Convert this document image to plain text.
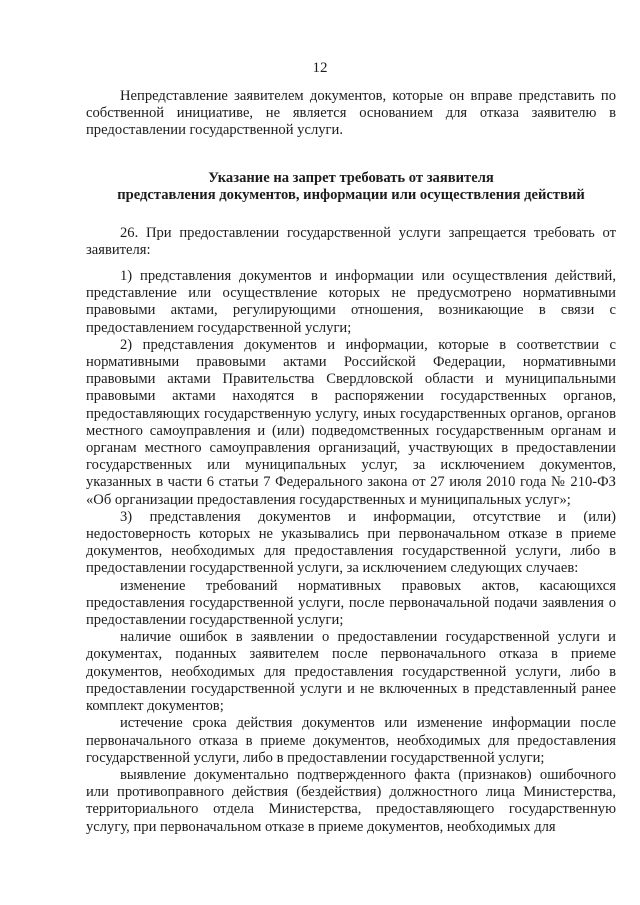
12

Непредставление заявителем документов, которые он вправе представить по собственной инициативе, не является основанием для отказа заявителю в предоставлении государственной услуги.

Указание на запрет требовать от заявителя
представления документов, информации или осуществления действий

26. При предоставлении государственной услуги запрещается требовать от заявителя:

1) представления документов и информации или осуществления действий, представление или осуществление которых не предусмотрено нормативными правовыми актами, регулирующими отношения, возникающие в связи с предоставлением государственной услуги;

2) представления документов и информации, которые в соответствии с нормативными правовыми актами Российской Федерации, нормативными правовыми актами Правительства Свердловской области и муниципальными правовыми актами находятся в распоряжении государственных органов, предоставляющих государственную услугу, иных государственных органов, органов местного самоуправления и (или) подведомственных государственным органам и органам местного самоуправления организаций, участвующих в предоставлении государственных или муниципальных услуг, за исключением документов, указанных в части 6 статьи 7 Федерального закона от 27 июля 2010 года № 210-ФЗ «Об организации предоставления государственных и муниципальных услуг»;

3) представления документов и информации, отсутствие и (или) недостоверность которых не указывались при первоначальном отказе в приеме документов, необходимых для предоставления государственной услуги, либо в предоставлении государственной услуги, за исключением следующих случаев:

изменение требований нормативных правовых актов, касающихся предоставления государственной услуги, после первоначальной подачи заявления о предоставлении государственной услуги;

наличие ошибок в заявлении о предоставлении государственной услуги и документах, поданных заявителем после первоначального отказа в приеме документов, необходимых для предоставления государственной услуги, либо в предоставлении государственной услуги и не включенных в представленный ранее комплект документов;

истечение срока действия документов или изменение информации после первоначального отказа в приеме документов, необходимых для предоставления государственной услуги, либо в предоставлении государственной услуги;

выявление документально подтвержденного факта (признаков) ошибочного или противоправного действия (бездействия) должностного лица Министерства, территориального отдела Министерства, предоставляющего государственную услугу, при первоначальном отказе в приеме документов, необходимых для
